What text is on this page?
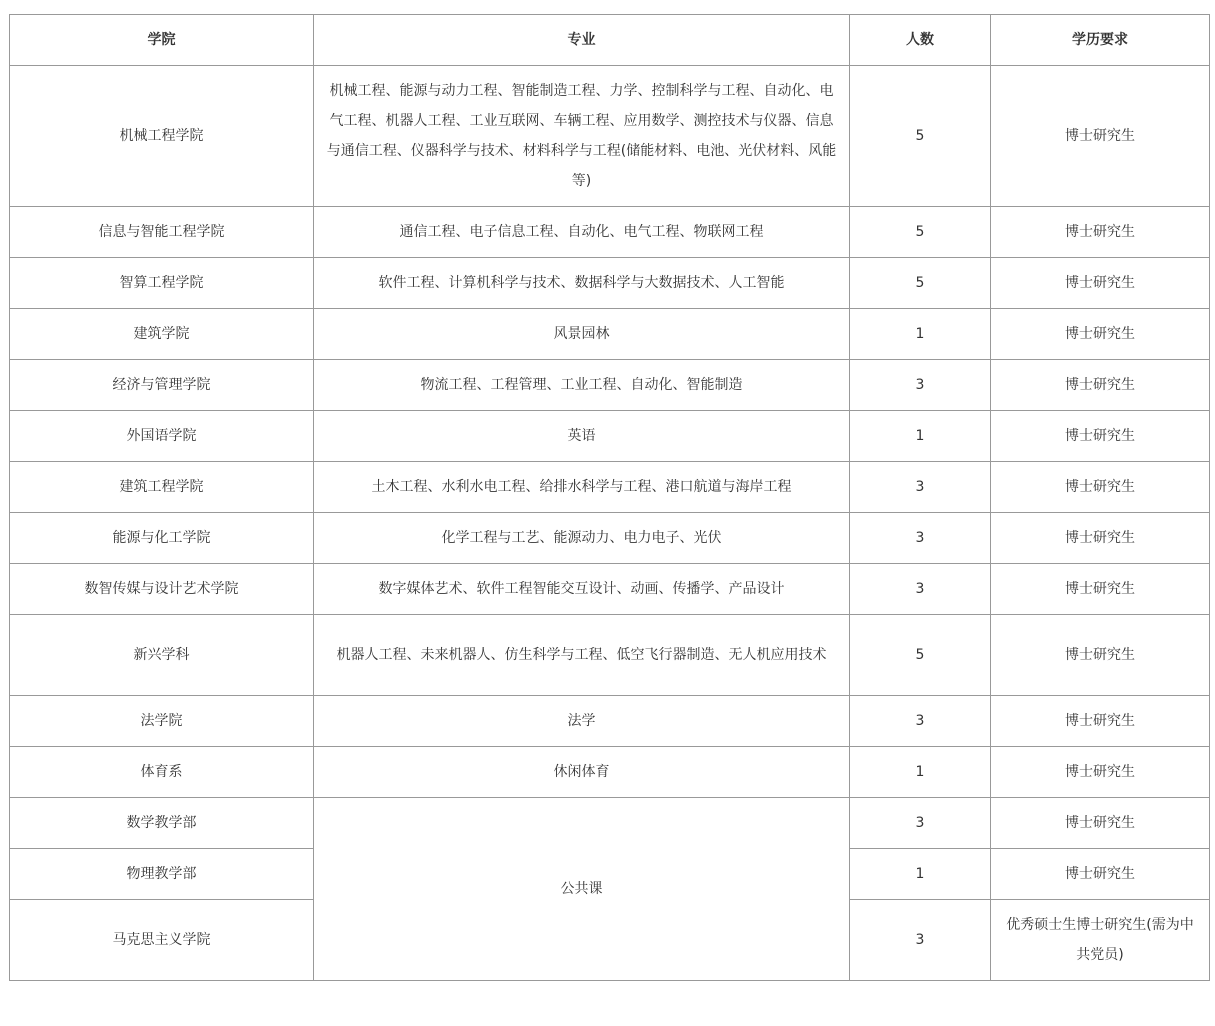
学院	专业	人数	学历要求
机械工程学院	机械工程、能源与动力工程、智能制造工程、力学、控制科学与工程、自动化、电气工程、机器人工程、工业互联网、车辆工程、应用数学、测控技术与仪器、信息与通信工程、仪器科学与技术、材料科学与工程(储能材料、电池、光伏材料、风能等)	5	博士研究生
信息与智能工程学院	通信工程、电子信息工程、自动化、电气工程、物联网工程	5	博士研究生
智算工程学院	软件工程、计算机科学与技术、数据科学与大数据技术、人工智能	5	博士研究生
建筑学院	风景园林	1	博士研究生
经济与管理学院	物流工程、工程管理、工业工程、自动化、智能制造	3	博士研究生
外国语学院	英语	1	博士研究生
建筑工程学院	土木工程、水利水电工程、给排水科学与工程、港口航道与海岸工程	3	博士研究生
能源与化工学院	化学工程与工艺、能源动力、电力电子、光伏	3	博士研究生
数智传媒与设计艺术学院	数字媒体艺术、软件工程智能交互设计、动画、传播学、产品设计	3	博士研究生
新兴学科	机器人工程、未来机器人、仿生科学与工程、低空飞行器制造、无人机应用技术	5	博士研究生
法学院	法学	3	博士研究生
体育系	休闲体育	1	博士研究生
数学教学部	公共课	3	博士研究生
物理教学部		1	博士研究生
马克思主义学院		3	优秀硕士生博士研究生(需为中共党员)
